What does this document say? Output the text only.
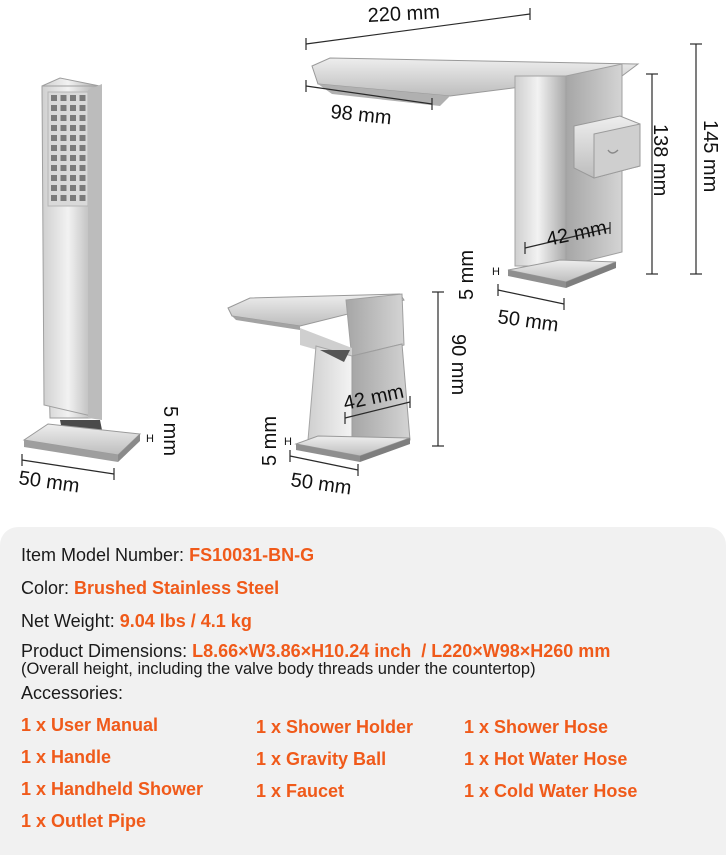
220 mm
98 mm
138 mm 145 mm
42 mm
50 mm
5 mm H
90 mm
42 mm
5 mm H
50 mm
5 mm
H
50 mm
Item Model Number: FS10031-BN-G
Color: Brushed Stainless Steel
Net Weight: 9.04 lbs / 4.1 kg
Product Dimensions: L8.66×W3.86×H10.24 inch  / L220×W98×H260 mm
(Overall height, including the valve body threads under the countertop)
Accessories:
1 x User Manual
1 x Handle
1 x Handheld Shower
1 x Outlet Pipe
1 x Shower Holder
1 x Gravity Ball
1 x Faucet
1 x Shower Hose
1 x Hot Water Hose
1 x Cold Water Hose
